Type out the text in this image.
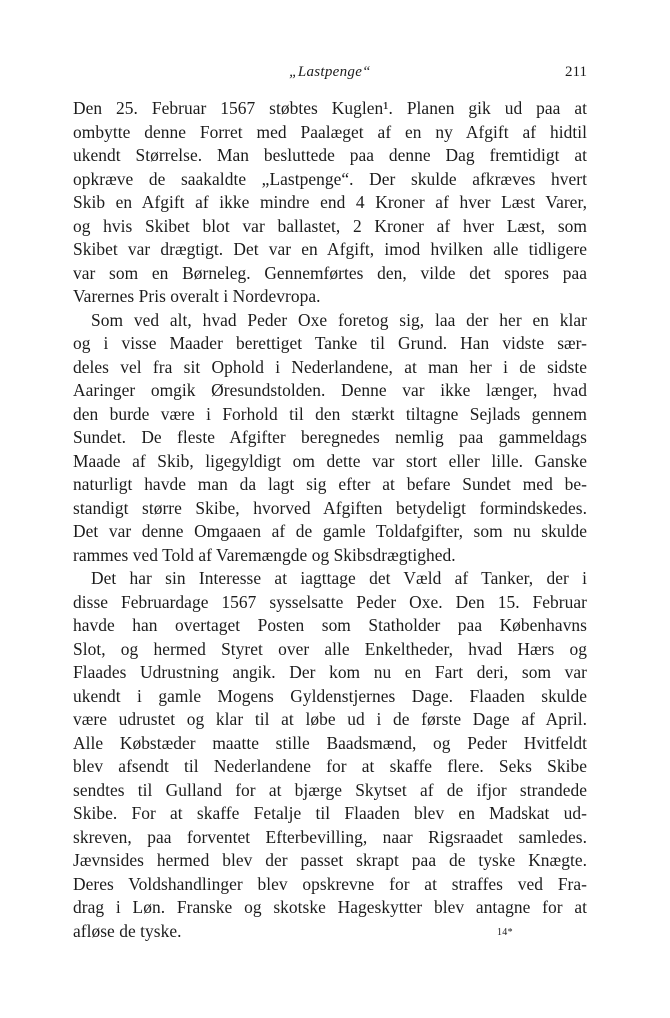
„Lastpenge“	211
Den 25. Februar 1567 støbtes Kuglen¹. Planen gik ud paa at
ombytte denne Forret med Paalæget af en ny Afgift af hidtil
ukendt Størrelse. Man besluttede paa denne Dag fremtidigt at
opkræve de saakaldte „Lastpenge“. Der skulde afkræves hvert
Skib en Afgift af ikke mindre end 4 Kroner af hver Læst Varer,
og hvis Skibet blot var ballastet, 2 Kroner af hver Læst, som
Skibet var drægtigt. Det var en Afgift, imod hvilken alle tidligere
var som en Børneleg. Gennemførtes den, vilde det spores paa
Varernes Pris overalt i Nordevropa.
Som ved alt, hvad Peder Oxe foretog sig, laa der her en klar
og i visse Maader berettiget Tanke til Grund. Han vidste sær-
deles vel fra sit Ophold i Nederlandene, at man her i de sidste
Aaringer omgik Øresundstolden. Denne var ikke længer, hvad
den burde være i Forhold til den stærkt tiltagne Sejlads gennem
Sundet. De fleste Afgifter beregnedes nemlig paa gammeldags
Maade af Skib, ligegyldigt om dette var stort eller lille. Ganske
naturligt havde man da lagt sig efter at befare Sundet med be-
standigt større Skibe, hvorved Afgiften betydeligt formindskedes.
Det var denne Omgaaen af de gamle Toldafgifter, som nu skulde
rammes ved Told af Varemængde og Skibsdrægtighed.
Det har sin Interesse at iagttage det Væld af Tanker, der i
disse Februardage 1567 sysselsatte Peder Oxe. Den 15. Februar
havde han overtaget Posten som Statholder paa Københavns
Slot, og hermed Styret over alle Enkeltheder, hvad Hærs og
Flaades Udrustning angik. Der kom nu en Fart deri, som var
ukendt i gamle Mogens Gyldenstjernes Dage. Flaaden skulde
være udrustet og klar til at løbe ud i de første Dage af April.
Alle Købstæder maatte stille Baadsmænd, og Peder Hvitfeldt
blev afsendt til Nederlandene for at skaffe flere. Seks Skibe
sendtes til Gulland for at bjærge Skytset af de ifjor strandede
Skibe. For at skaffe Fetalje til Flaaden blev en Madskat ud-
skreven, paa forventet Efterbevilling, naar Rigsraadet samledes.
Jævnsides hermed blev der passet skrapt paa de tyske Knægte.
Deres Voldshandlinger blev opskrevne for at straffes ved Fra-
drag i Løn. Franske og skotske Hageskytter blev antagne for at
afløse de tyske.	14*
